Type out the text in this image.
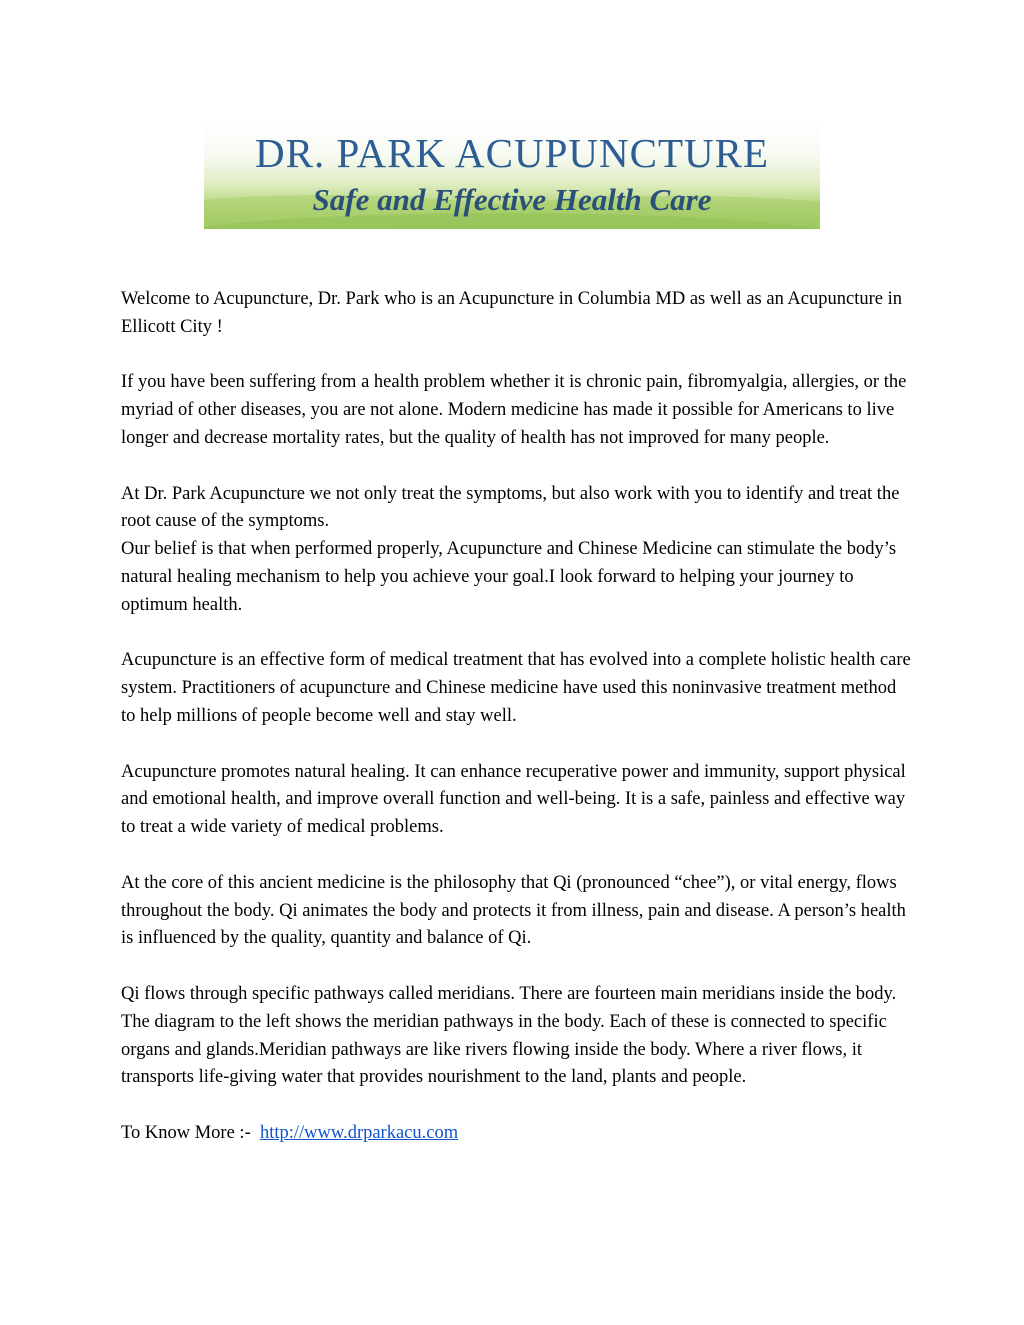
DR. PARK ACUPUNCTURE
Safe and Effective Health Care

Welcome to Acupuncture, Dr. Park who is an Acupuncture in Columbia MD as well as an Acupuncture in Ellicott City !

If you have been suffering from a health problem whether it is chronic pain, fibromyalgia, allergies, or the myriad of other diseases, you are not alone. Modern medicine has made it possible for Americans to live longer and decrease mortality rates, but the quality of health has not improved for many people.

At Dr. Park Acupuncture we not only treat the symptoms, but also work with you to identify and treat the root cause of the symptoms.

Our belief is that when performed properly, Acupuncture and Chinese Medicine can stimulate the body’s natural healing mechanism to help you achieve your goal.I look forward to helping your journey to optimum health.

Acupuncture is an effective form of medical treatment that has evolved into a complete holistic health care system. Practitioners of acupuncture and Chinese medicine have used this noninvasive treatment method to help millions of people become well and stay well.

Acupuncture promotes natural healing. It can enhance recuperative power and immunity, support physical and emotional health, and improve overall function and well-being. It is a safe, painless and effective way to treat a wide variety of medical problems.

At the core of this ancient medicine is the philosophy that Qi (pronounced “chee”), or vital energy, flows throughout the body. Qi animates the body and protects it from illness, pain and disease. A person’s health is influenced by the quality, quantity and balance of Qi.

Qi flows through specific pathways called meridians. There are fourteen main meridians inside the body. The diagram to the left shows the meridian pathways in the body. Each of these is connected to specific organs and glands.Meridian pathways are like rivers flowing inside the body. Where a river flows, it transports life-giving water that provides nourishment to the land, plants and people.

To Know More :- http://www.drparkacu.com
